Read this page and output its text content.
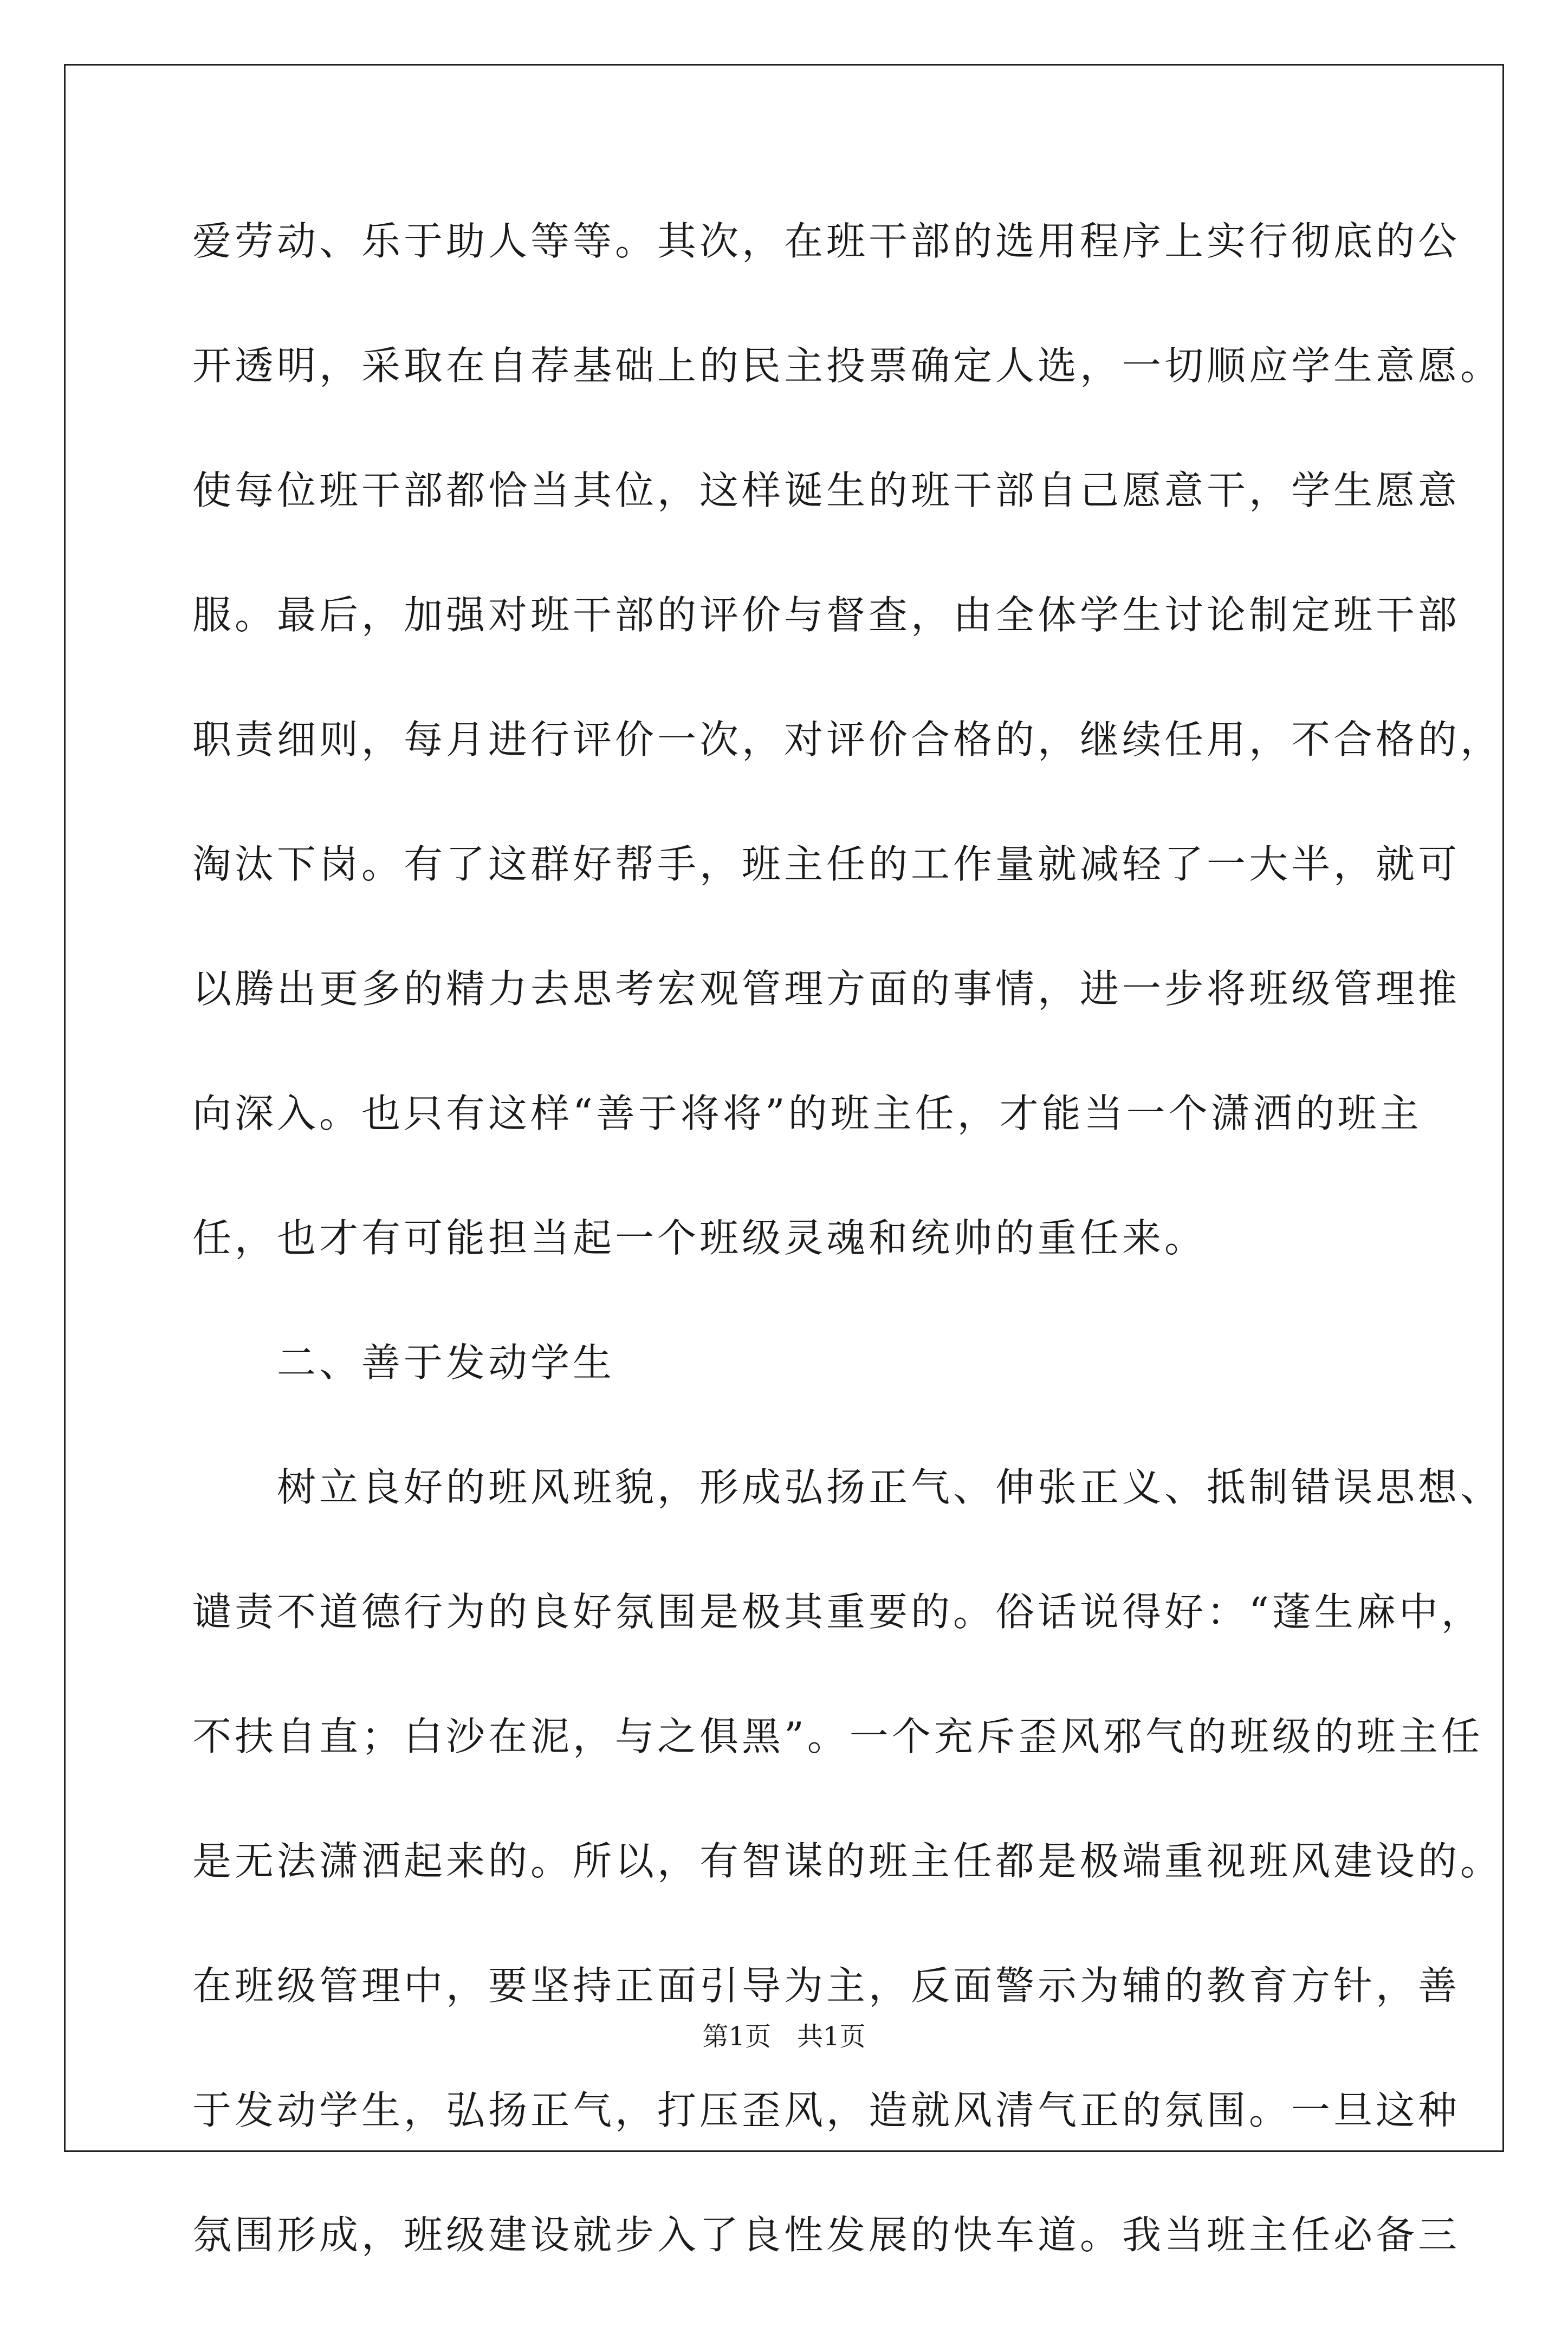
爱劳动、乐于助人等等。其次，在班干部的选用程序上实行彻底的公
开透明，采取在自荐基础上的民主投票确定人选，一切顺应学生意愿。
使每位班干部都恰当其位，这样诞生的班干部自己愿意干，学生愿意
服。最后，加强对班干部的评价与督查，由全体学生讨论制定班干部
职责细则，每月进行评价一次，对评价合格的，继续任用，不合格的，
淘汰下岗。有了这群好帮手，班主任的工作量就减轻了一大半，就可
以腾出更多的精力去思考宏观管理方面的事情，进一步将班级管理推
向深入。也只有这样“善于将将”的班主任，才能当一个潇洒的班主
任，也才有可能担当起一个班级灵魂和统帅的重任来。
　　二、善于发动学生
　　树立良好的班风班貌，形成弘扬正气、伸张正义、抵制错误思想、
谴责不道德行为的良好氛围是极其重要的。俗话说得好：“蓬生麻中，
不扶自直；白沙在泥，与之俱黑”。一个充斥歪风邪气的班级的班主任
是无法潇洒起来的。所以，有智谋的班主任都是极端重视班风建设的。
在班级管理中，要坚持正面引导为主，反面警示为辅的教育方针，善
于发动学生，弘扬正气，打压歪风，造就风清气正的氛围。一旦这种
氛围形成，班级建设就步入了良性发展的快车道。我当班主任必备三
第1页　共1页
